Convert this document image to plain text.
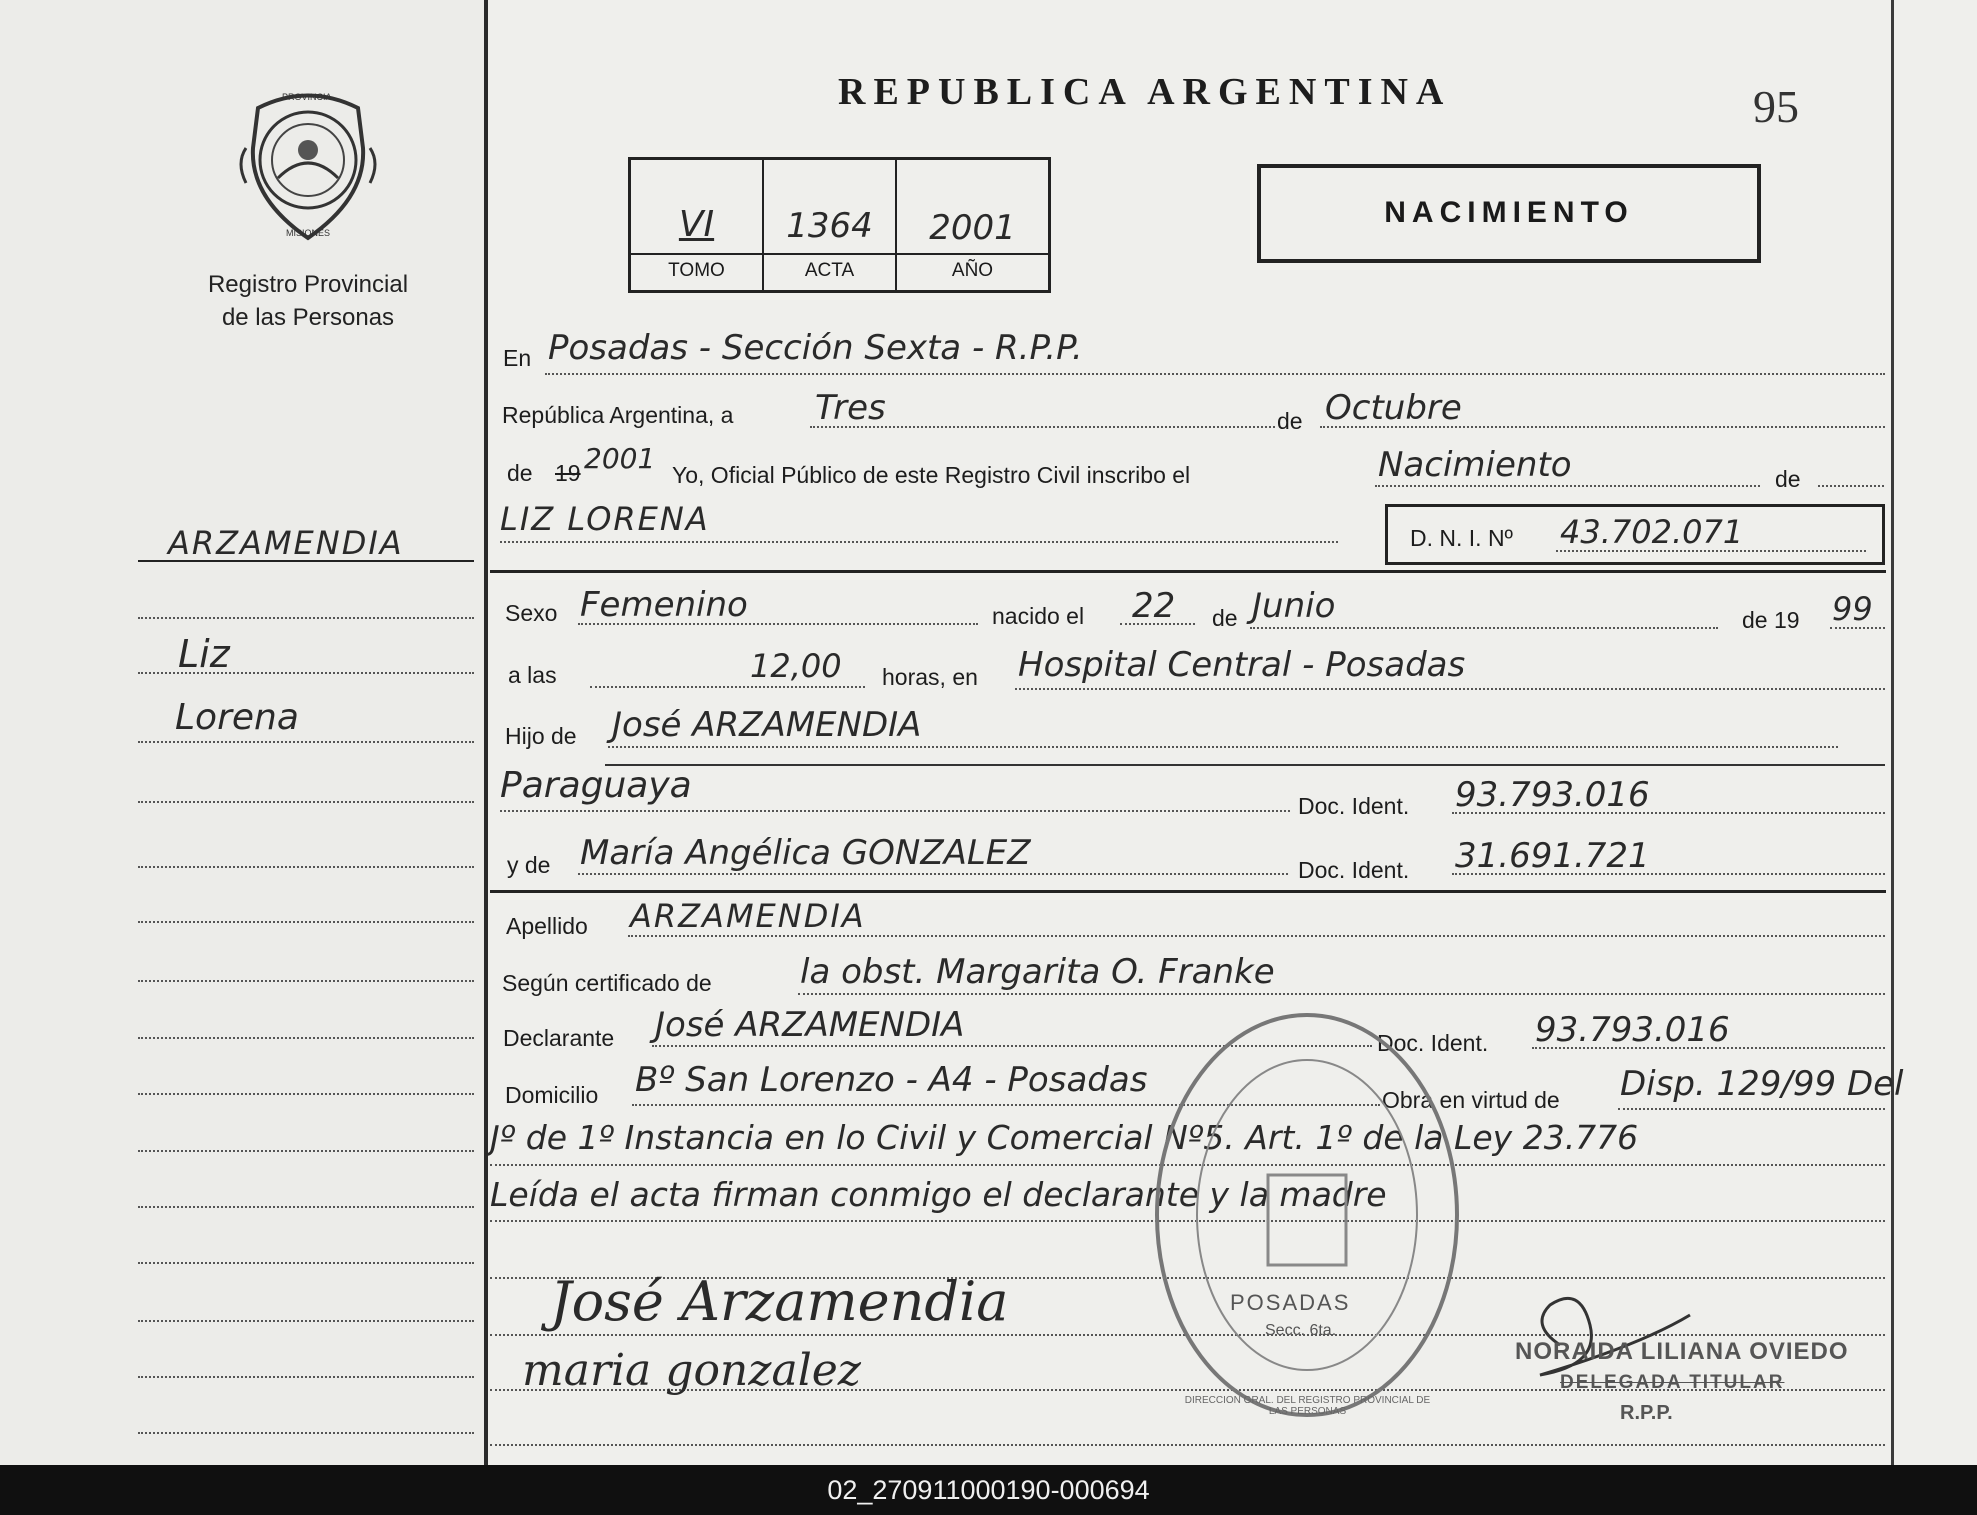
PROVINCIA
MISIONES
Registro Provincial
de las Personas
ARZAMENDIA
Liz
Lorena
REPUBLICA ARGENTINA	95
VI	1364	2001
TOMO	ACTA	AÑO
NACIMIENTO
En Posadas - Sección Sexta - R.P.P.
República Argentina, a Tres	de Octubre
de 19 2001 Yo, Oficial Público de este Registro Civil inscribo el	Nacimiento	de
LIZ LORENA	D. N. I. Nº 43.702.071
Sexo Femenino	nacido el 22 de Junio	de 19 99
a las	12,00 horas, en Hospital Central - Posadas
Hijo de José ARZAMENDIA
Paraguaya	Doc. Ident. 93.793.016
y de María Angélica GONZALEZ	Doc. Ident. 31.691.721
Apellido ARZAMENDIA
Según certificado de	la obst. Margarita O. Franke
Declarante José ARZAMENDIA	Doc. Ident. 93.793.016
Domicilio Bº San Lorenzo - A4 - Posadas	Obra en virtud de Disp. 129/99 Del
Jº de 1º Instancia en lo Civil y Comercial Nº5. Art. 1º de la Ley 23.776
Leída el acta firman conmigo el declarante y la madre
DIRECCION GRAL. DEL REGISTRO PROVINCIAL DE LAS PERSONAS
POSADAS
Secc. 6ta.
José Arzamendia
maria gonzalez	NORAIDA LILIANA OVIEDO
DELEGADA TITULAR
R.P.P.
02_270911000190-000694
